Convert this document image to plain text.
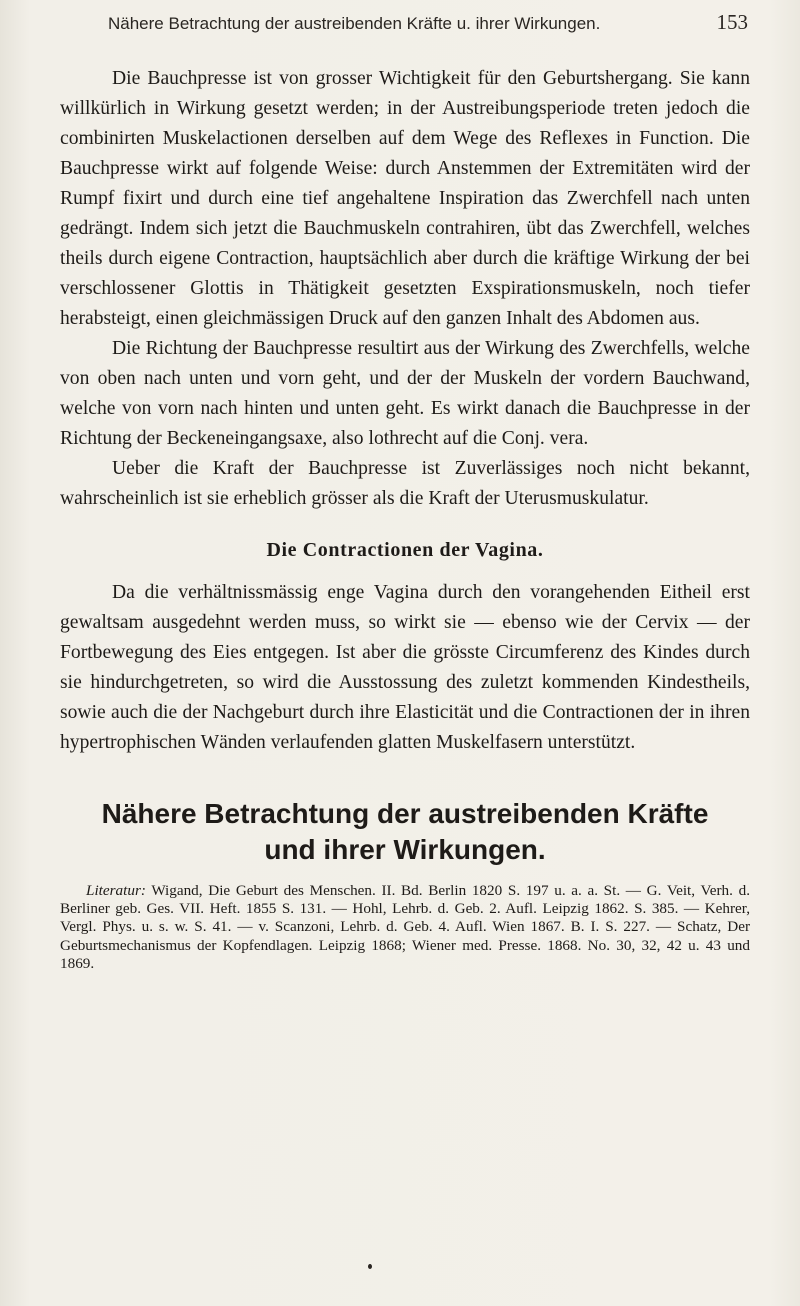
Nähere Betrachtung der austreibenden Kräfte u. ihrer Wirkungen.	153

Die Bauchpresse ist von grosser Wichtigkeit für den Geburtshergang. Sie kann willkürlich in Wirkung gesetzt werden; in der Austreibungsperiode treten jedoch die combinirten Muskelactionen derselben auf dem Wege des Reflexes in Function. Die Bauchpresse wirkt auf folgende Weise: durch Anstemmen der Extremitäten wird der Rumpf fixirt und durch eine tief angehaltene Inspiration das Zwerchfell nach unten gedrängt. Indem sich jetzt die Bauchmuskeln contrahiren, übt das Zwerchfell, welches theils durch eigene Contraction, hauptsächlich aber durch die kräftige Wirkung der bei verschlossener Glottis in Thätigkeit gesetzten Exspirationsmuskeln, noch tiefer herabsteigt, einen gleichmässigen Druck auf den ganzen Inhalt des Abdomen aus.

Die Richtung der Bauchpresse resultirt aus der Wirkung des Zwerchfells, welche von oben nach unten und vorn geht, und der der Muskeln der vordern Bauchwand, welche von vorn nach hinten und unten geht. Es wirkt danach die Bauchpresse in der Richtung der Beckeneingangsaxe, also lothrecht auf die Conj. vera.

Ueber die Kraft der Bauchpresse ist Zuverlässiges noch nicht bekannt, wahrscheinlich ist sie erheblich grösser als die Kraft der Uterusmuskulatur.

Die Contractionen der Vagina.

Da die verhältnissmässig enge Vagina durch den vorangehenden Eitheil erst gewaltsam ausgedehnt werden muss, so wirkt sie — ebenso wie der Cervix — der Fortbewegung des Eies entgegen. Ist aber die grösste Circumferenz des Kindes durch sie hindurchgetreten, so wird die Ausstossung des zuletzt kommenden Kindestheils, sowie auch die der Nachgeburt durch ihre Elasticität und die Contractionen der in ihren hypertrophischen Wänden verlaufenden glatten Muskelfasern unterstützt.

Nähere Betrachtung der austreibenden Kräfte
und ihrer Wirkungen.
Literatur: Wigand, Die Geburt des Menschen. II. Bd. Berlin 1820 S. 197 u. a. a. St. — G. Veit, Verh. d. Berliner geb. Ges. VII. Heft. 1855 S. 131. — Hohl, Lehrb. d. Geb. 2. Aufl. Leipzig 1862. S. 385. — Kehrer, Vergl. Phys. u. s. w. S. 41. — v. Scanzoni, Lehrb. d. Geb. 4. Aufl. Wien 1867. B. I. S. 227. — Schatz, Der Geburtsmechanismus der Kopfendlagen. Leipzig 1868; Wiener med. Presse. 1868. No. 30, 32, 42 u. 43 und 1869.
